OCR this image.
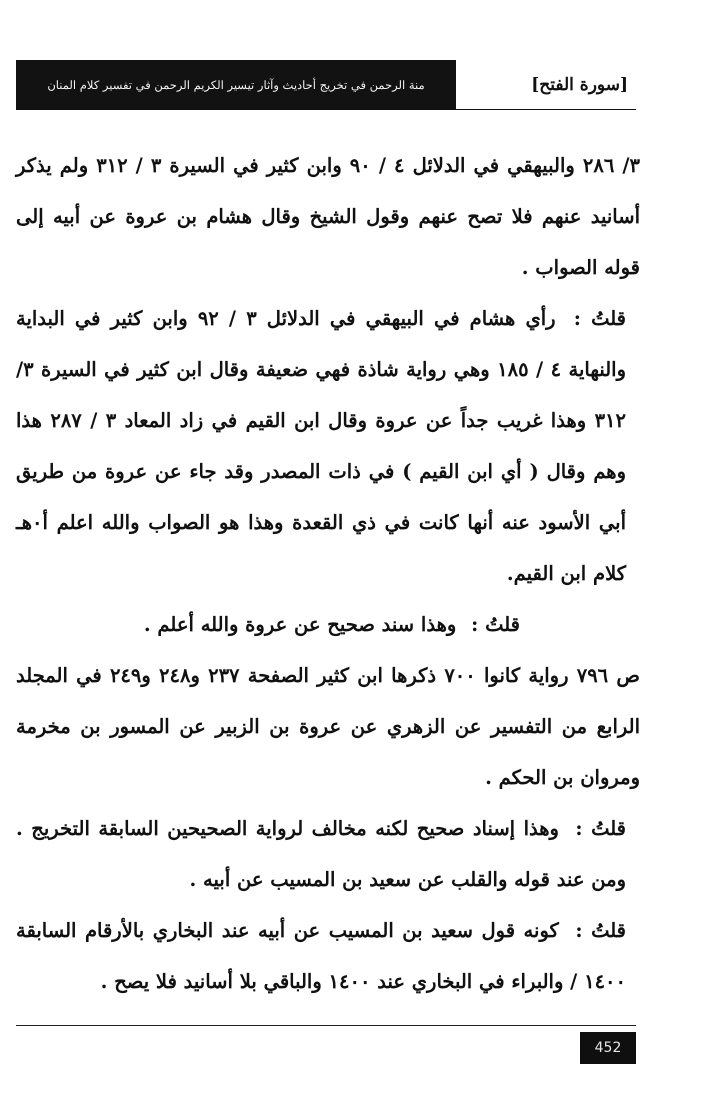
منة الرحمن في تخريج أحاديث وآثار تيسير الكريم الرحمن في تفسير كلام المنان	[سورة الفتح]

٣/ ٢٨٦ والبيهقي في الدلائل ٤ / ٩٠ وابن كثير في السيرة ٣ / ٣١٢ ولم يذكر أسانيد عنهم فلا تصح عنهم وقول الشيخ وقال هشام بن عروة عن أبيه إلى قوله الصواب .

قلتُ : رأي هشام في البيهقي في الدلائل ٣ / ٩٢ وابن كثير في البداية والنهاية ٤ / ١٨٥ وهي رواية شاذة فهي ضعيفة وقال ابن كثير في السيرة ٣/ ٣١٢ وهذا غريب جداً عن عروة وقال ابن القيم في زاد المعاد ٣ / ٢٨٧ هذا وهم وقال ( أي ابن القيم ) في ذات المصدر وقد جاء عن عروة من طريق أبي الأسود عنه أنها كانت في ذي القعدة وهذا هو الصواب والله اعلم أ٠هـ كلام ابن القيم.

قلتُ : وهذا سند صحيح عن عروة والله أعلم .

ص ٧٩٦ رواية كانوا ٧٠٠ ذكرها ابن كثير الصفحة ٢٣٧ و٢٤٨ و٢٤٩ في المجلد الرابع من التفسير عن الزهري عن عروة بن الزبير عن المسور بن مخرمة ومروان بن الحكم .

قلتُ : وهذا إسناد صحيح لكنه مخالف لرواية الصحيحين السابقة التخريج . ومن عند قوله والقلب عن سعيد بن المسيب عن أبيه .

قلتُ : كونه قول سعيد بن المسيب عن أبيه عند البخاري بالأرقام السابقة ١٤٠٠ / والبراء في البخاري عند ١٤٠٠ والباقي بلا أسانيد فلا يصح .

452
